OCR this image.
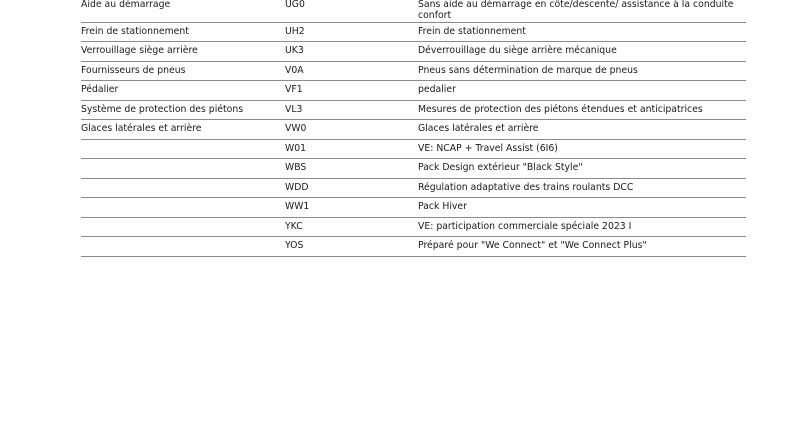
Aide au démarrage	UG0	Sans aide au démarrage en côte/descente/ assistance à la conduite confort
Frein de stationnement	UH2	Frein de stationnement
Verrouillage siège arrière	UK3	Déverrouillage du siège arrière mécanique
Fournisseurs de pneus	V0A	Pneus sans détermination de marque de pneus
Pédalier	VF1	pedalier
Système de protection des piétons	VL3	Mesures de protection des piétons étendues et anticipatrices
Glaces latérales et arrière	VW0	Glaces latérales et arrière
	W01	VE: NCAP + Travel Assist (6I6)
	WBS	Pack Design extérieur "Black Style"
	WDD	Régulation adaptative des trains roulants DCC
	WW1	Pack Hiver
	YKC	VE: participation commerciale spéciale 2023 I
	YOS	Préparé pour "We Connect" et "We Connect Plus"
